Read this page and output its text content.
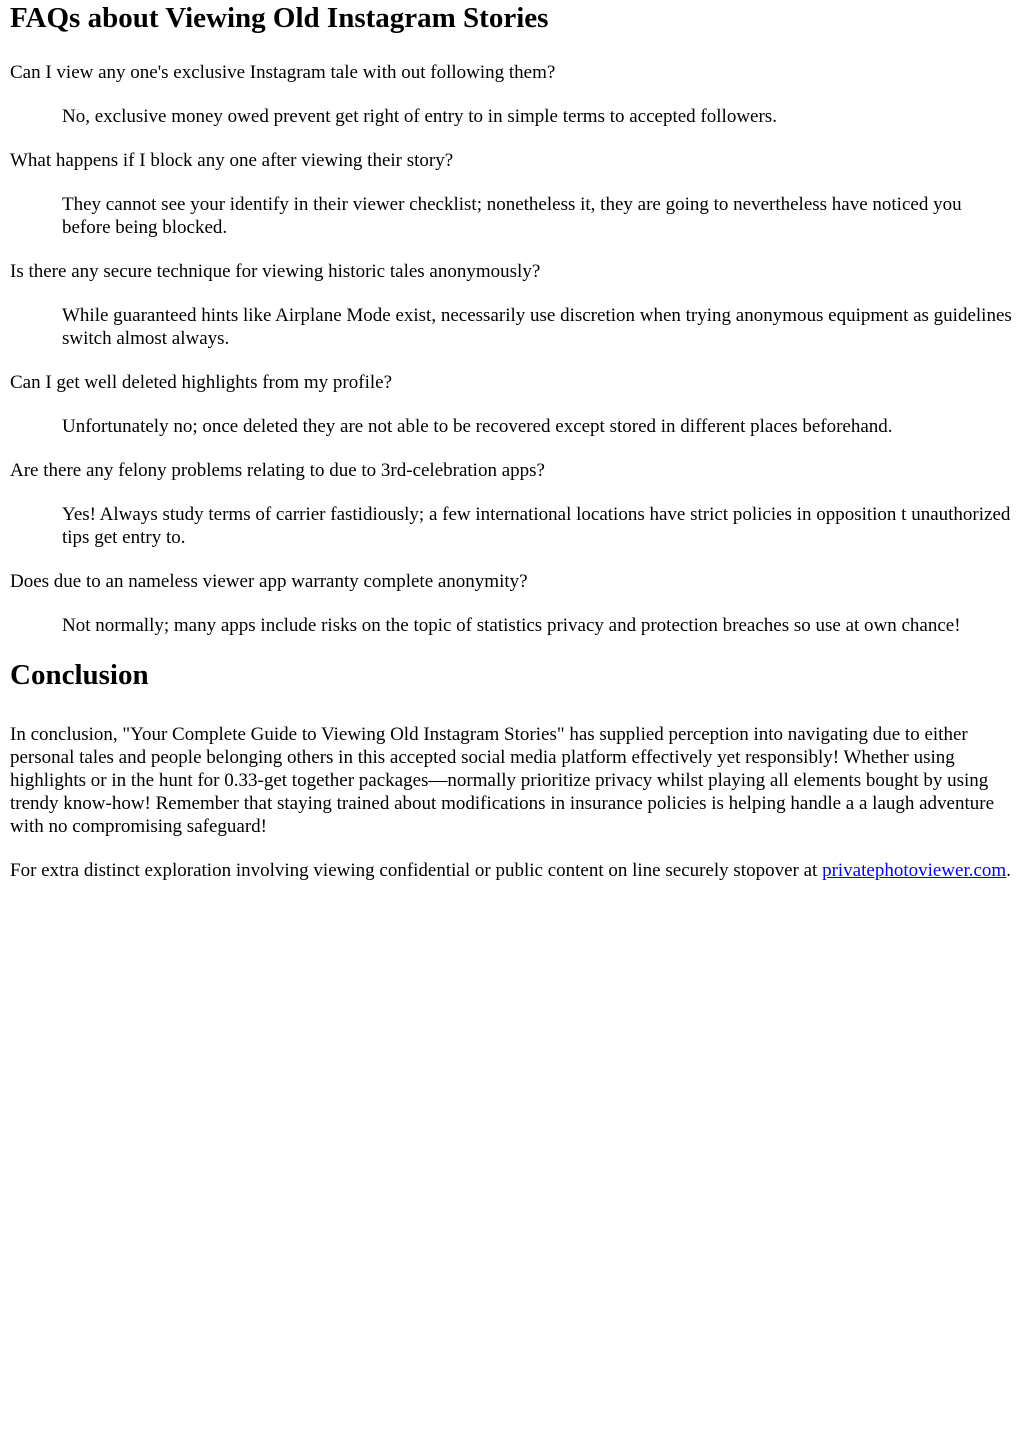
FAQs about Viewing Old Instagram Stories

Can I view any one's exclusive Instagram tale with out following them?

No, exclusive money owed prevent get right of entry to in simple terms to accepted followers.

What happens if I block any one after viewing their story?

They cannot see your identify in their viewer checklist; nonetheless it, they are going to nevertheless have noticed you before being blocked.

Is there any secure technique for viewing historic tales anonymously?

While guaranteed hints like Airplane Mode exist, necessarily use discretion when trying anonymous equipment as guidelines switch almost always.

Can I get well deleted highlights from my profile?

Unfortunately no; once deleted they are not able to be recovered except stored in different places beforehand.

Are there any felony problems relating to due to 3rd-celebration apps?

Yes! Always study terms of carrier fastidiously; a few international locations have strict policies in opposition t unauthorized tips get entry to.

Does due to an nameless viewer app warranty complete anonymity?

Not normally; many apps include risks on the topic of statistics privacy and protection breaches so use at own chance!

Conclusion

In conclusion, "Your Complete Guide to Viewing Old Instagram Stories" has supplied perception into navigating due to either personal tales and people belonging others in this accepted social media platform effectively yet responsibly! Whether using highlights or in the hunt for 0.33-get together packages—normally prioritize privacy whilst playing all elements bought by using trendy know-how! Remember that staying trained about modifications in insurance policies is helping handle a a laugh adventure with no compromising safeguard!

For extra distinct exploration involving viewing confidential or public content on line securely stopover at privatephotoviewer.com.
